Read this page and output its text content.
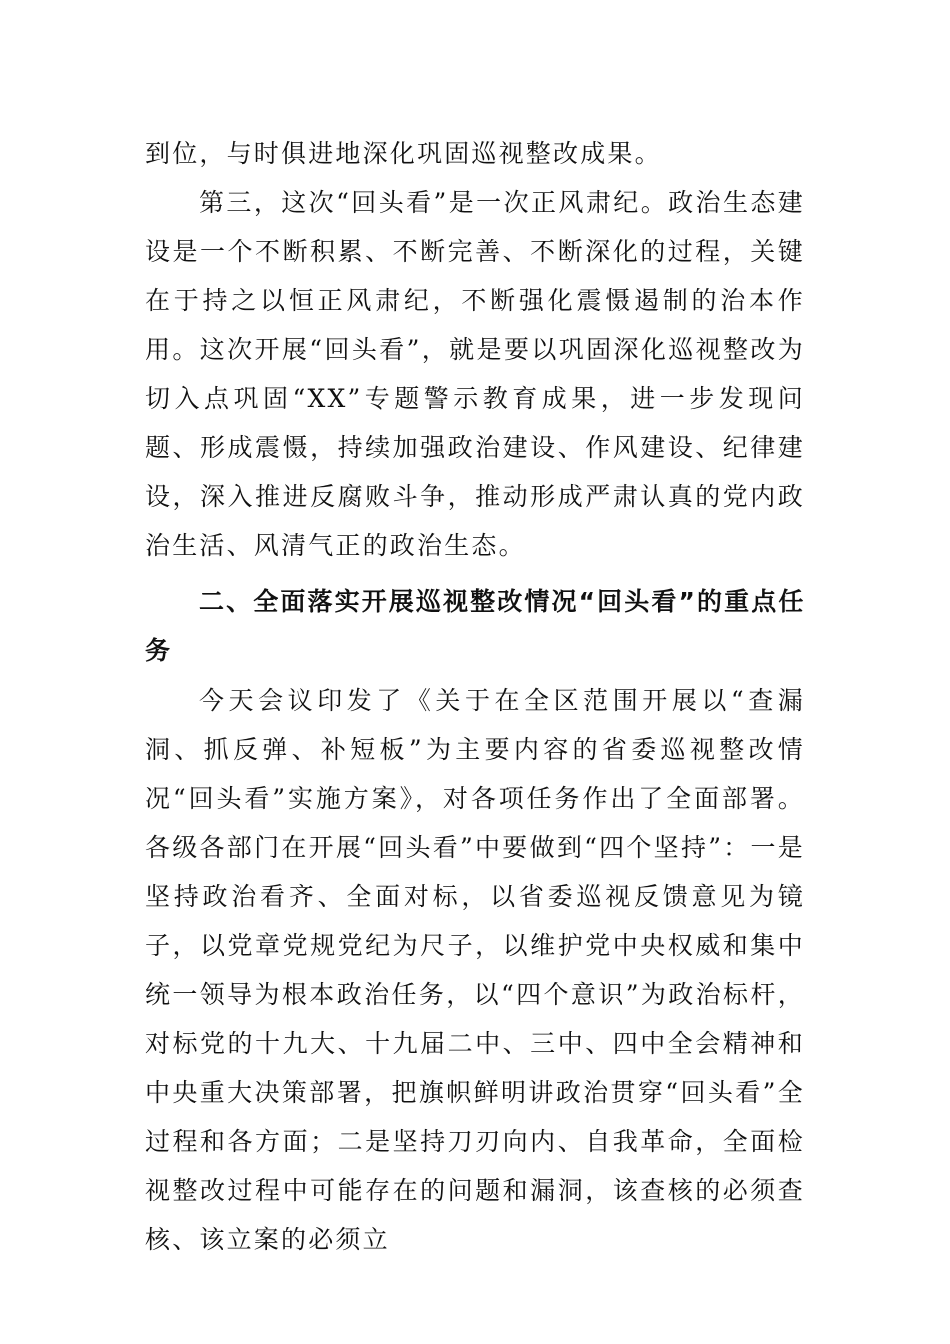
到位，与时俱进地深化巩固巡视整改成果。

第三，这次“回头看”是一次正风肃纪。政治生态建设是一个不断积累、不断完善、不断深化的过程，关键在于持之以恒正风肃纪，不断强化震慑遏制的治本作用。这次开展“回头看”，就是要以巩固深化巡视整改为切入点巩固“XX”专题警示教育成果，进一步发现问题、形成震慑，持续加强政治建设、作风建设、纪律建设，深入推进反腐败斗争，推动形成严肃认真的党内政治生活、风清气正的政治生态。

二、全面落实开展巡视整改情况“回头看”的重点任务

今天会议印发了《关于在全区范围开展以“查漏洞、抓反弹、补短板”为主要内容的省委巡视整改情况“回头看”实施方案》，对各项任务作出了全面部署。各级各部门在开展“回头看”中要做到“四个坚持”：一是坚持政治看齐、全面对标，以省委巡视反馈意见为镜子，以党章党规党纪为尺子，以维护党中央权威和集中统一领导为根本政治任务，以“四个意识”为政治标杆，对标党的十九大、十九届二中、三中、四中全会精神和中央重大决策部署，把旗帜鲜明讲政治贯穿“回头看”全过程和各方面；二是坚持刀刃向内、自我革命，全面检视整改过程中可能存在的问题和漏洞，该查核的必须查核、该立案的必须立
